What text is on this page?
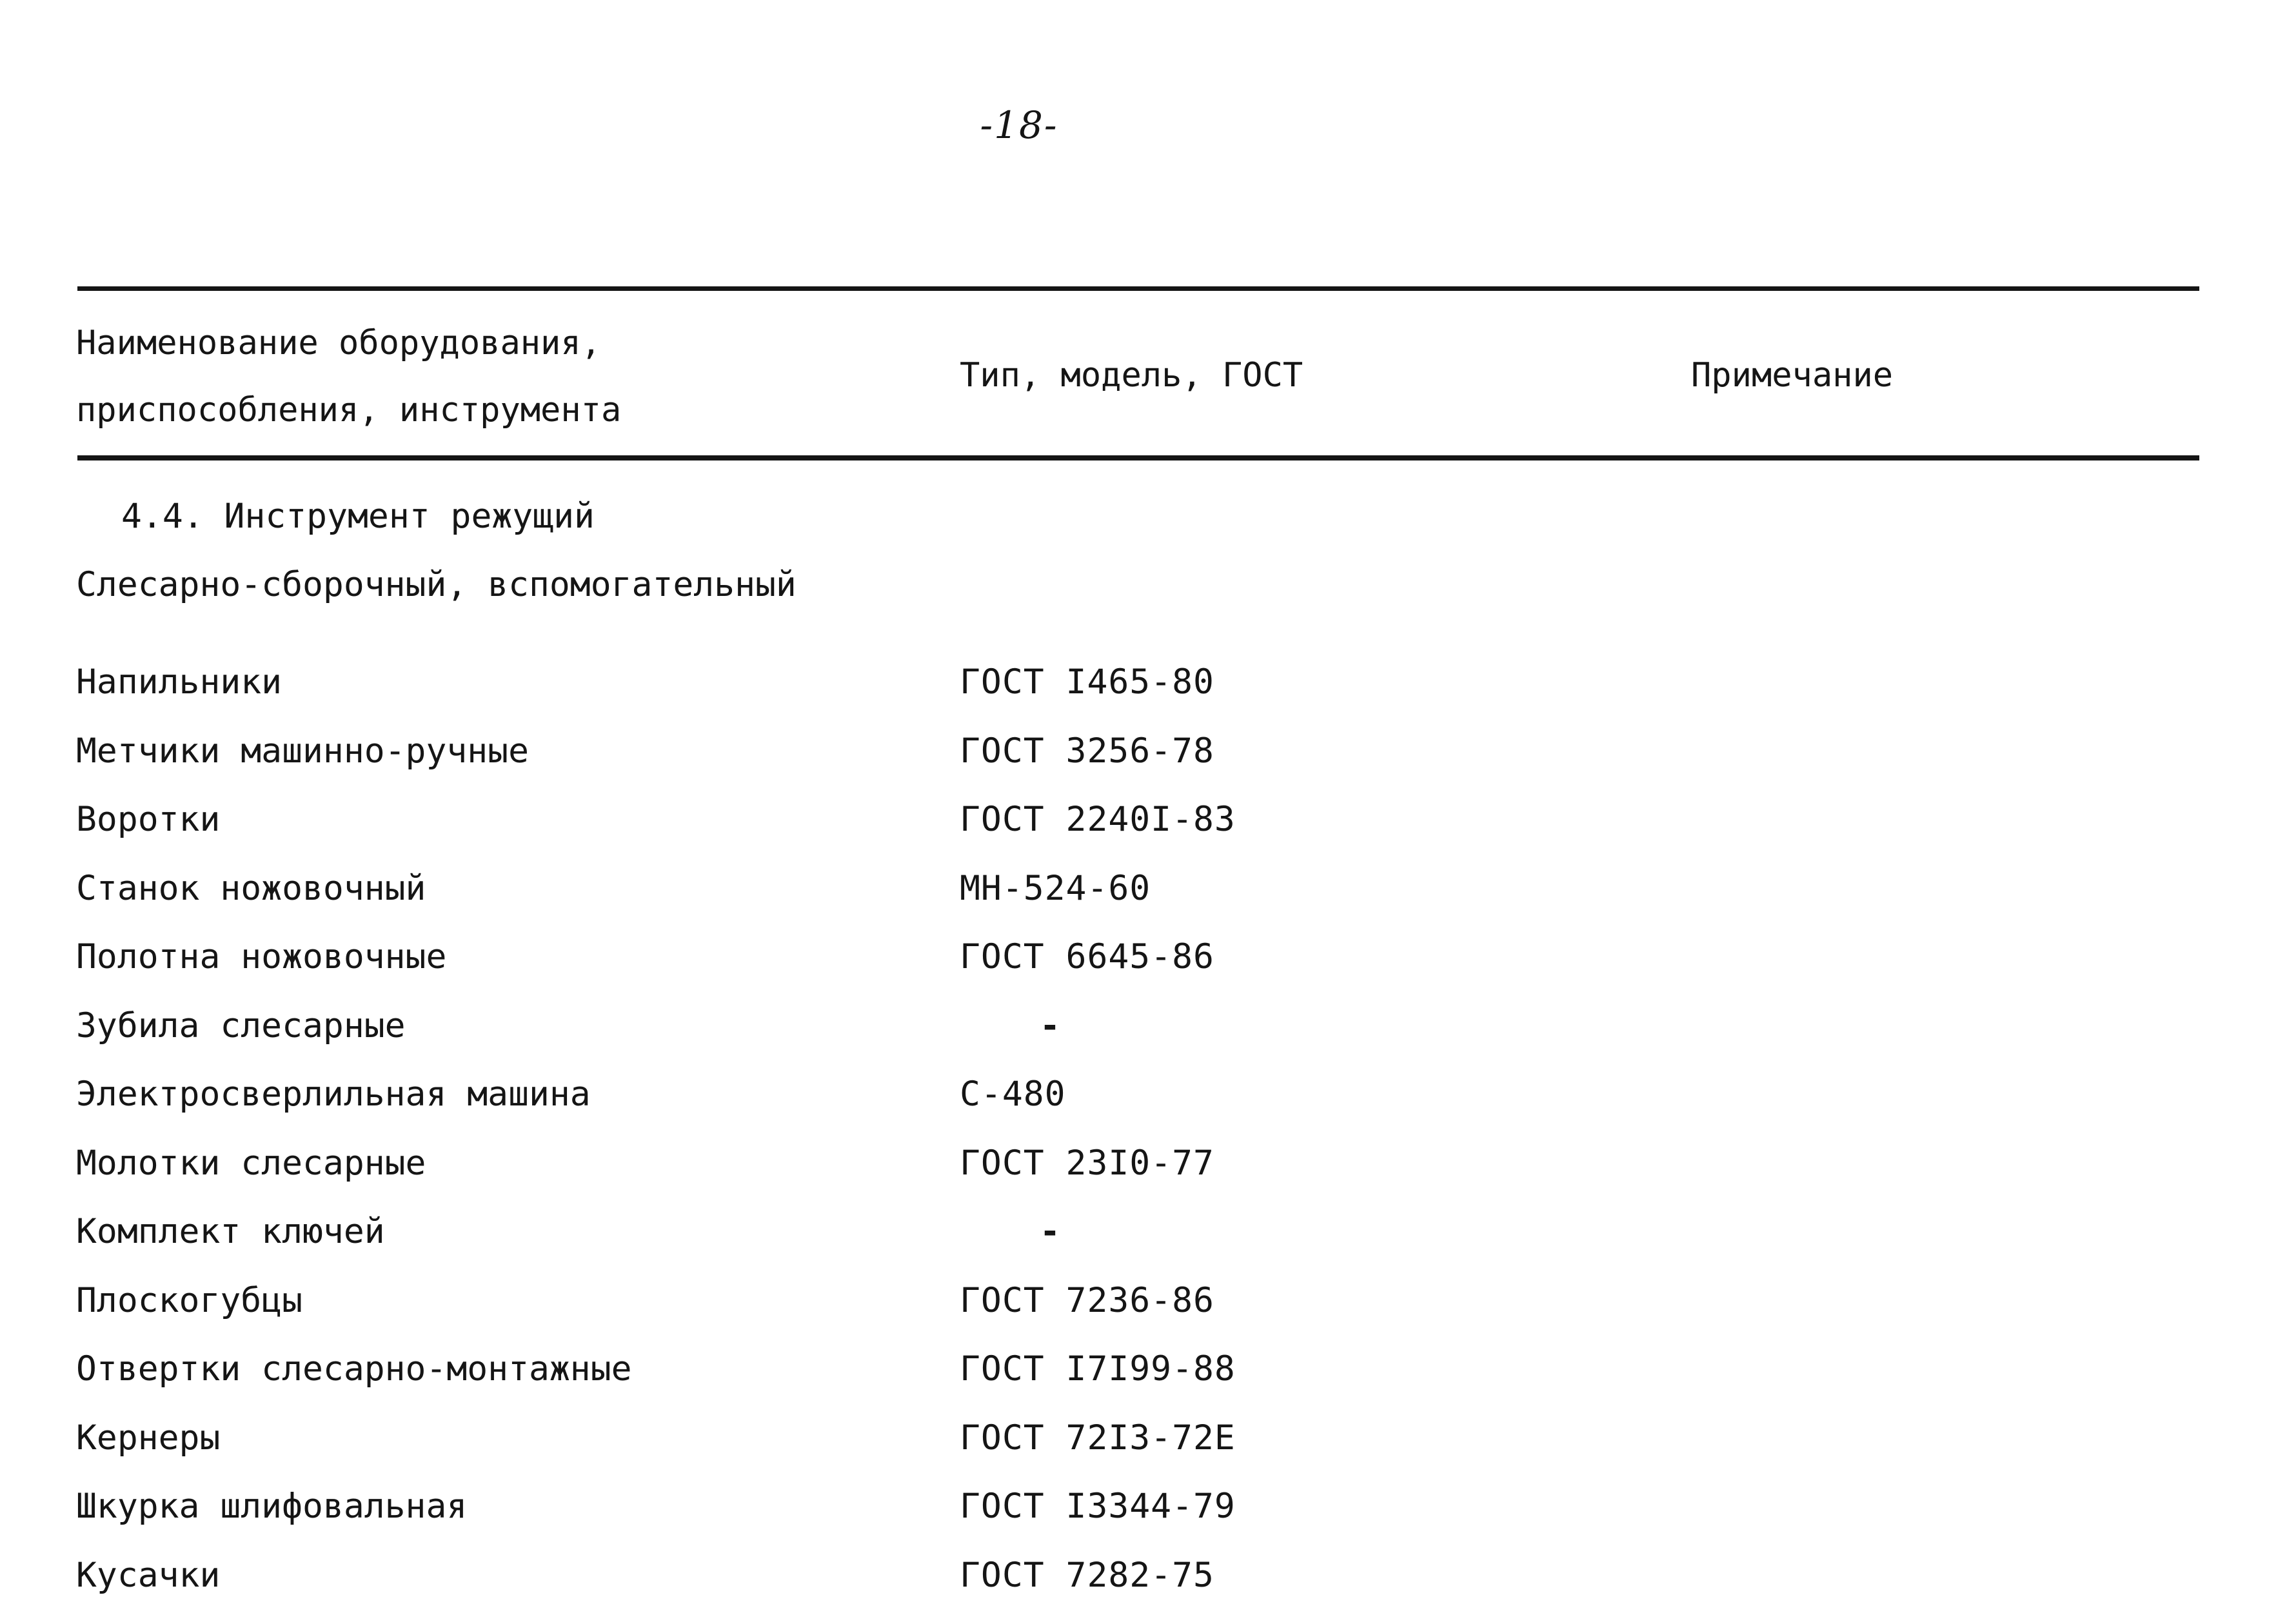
-18-
Наименование оборудования,
приспособления, инструмента
Тип, модель, ГОСТ	Примечание
4.4. Инструмент режущий
Слесарно-сборочный, вспомогательный
Напильники	ГОСТ I465-80
Метчики машинно-ручные	ГОСТ 3256-78
Воротки	ГОСТ 2240I-83
Станок ножовочный	МН-524-60
Полотна ножовочные	ГОСТ 6645-86
Зубила слесарные	-
Электросверлильная машина	С-480
Молотки слесарные	ГОСТ 23I0-77
Комплект ключей	-
Плоскогубцы	ГОСТ 7236-86
Отвертки слесарно-монтажные	ГОСТ I7I99-88
Кернеры	ГОСТ 72I3-72Е
Шкурка шлифовальная	ГОСТ I3344-79
Кусачки	ГОСТ 7282-75
